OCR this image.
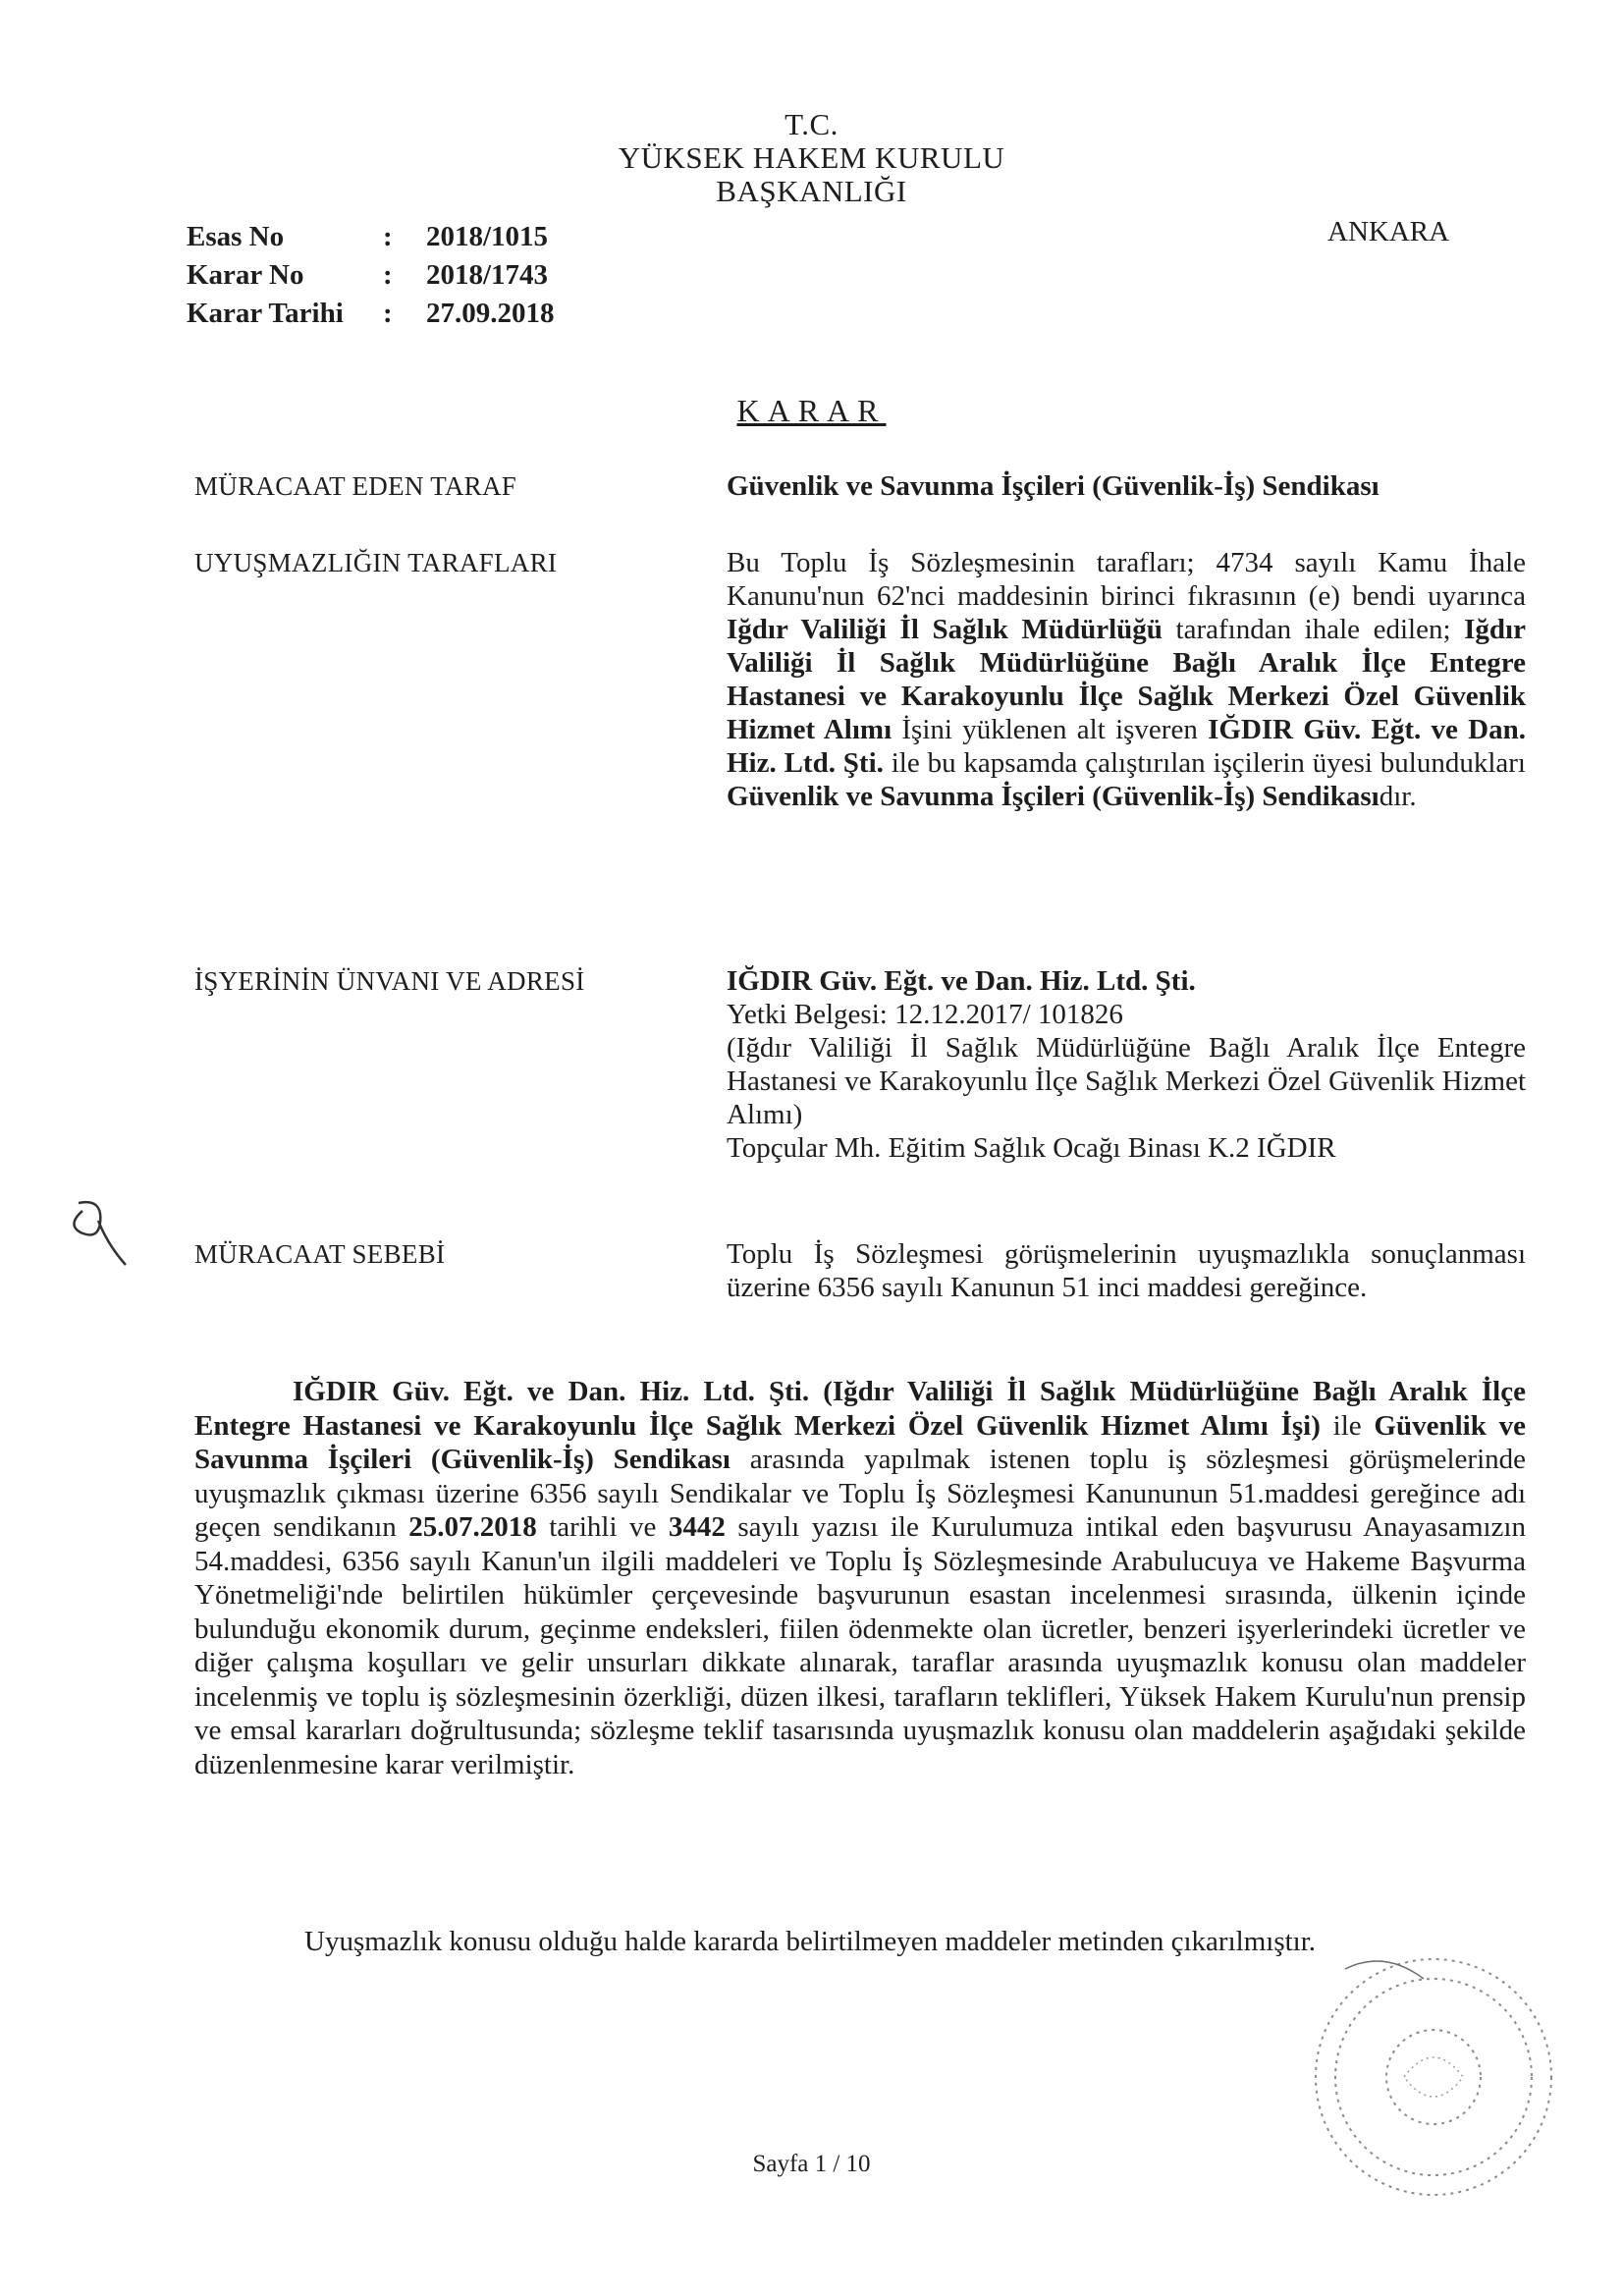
T.C.
YÜKSEK HAKEM KURULU
BAŞKANLIĞI
Esas No	:	2018/1015
Karar No	:	2018/1743
Karar Tarihi	:	27.09.2018
ANKARA
KARAR
MÜRACAAT EDEN TARAF	Güvenlik ve Savunma İşçileri (Güvenlik-İş) Sendikası
UYUŞMAZLIĞIN TARAFLARI	Bu Toplu İş Sözleşmesinin tarafları; 4734 sayılı Kamu İhale Kanunu'nun 62'nci maddesinin birinci fıkrasının (e) bendi uyarınca Iğdır Valiliği İl Sağlık Müdürlüğü tarafından ihale edilen; Iğdır Valiliği İl Sağlık Müdürlüğüne Bağlı Aralık İlçe Entegre Hastanesi ve Karakoyunlu İlçe Sağlık Merkezi Özel Güvenlik Hizmet Alımı İşini yüklenen alt işveren IĞDIR Güv. Eğt. ve Dan. Hiz. Ltd. Şti. ile bu kapsamda çalıştırılan işçilerin üyesi bulundukları Güvenlik ve Savunma İşçileri (Güvenlik-İş) Sendikasıdır.
İŞYERİNİN ÜNVANI VE ADRESİ	IĞDIR Güv. Eğt. ve Dan. Hiz. Ltd. Şti.
Yetki Belgesi: 12.12.2017/ 101826
(Iğdır Valiliği İl Sağlık Müdürlüğüne Bağlı Aralık İlçe Entegre Hastanesi ve Karakoyunlu İlçe Sağlık Merkezi Özel Güvenlik Hizmet Alımı)
Topçular Mh. Eğitim Sağlık Ocağı Binası K.2 IĞDIR
MÜRACAAT SEBEBİ	Toplu İş Sözleşmesi görüşmelerinin uyuşmazlıkla sonuçlanması üzerine 6356 sayılı Kanunun 51 inci maddesi gereğince.
IĞDIR Güv. Eğt. ve Dan. Hiz. Ltd. Şti. (Iğdır Valiliği İl Sağlık Müdürlüğüne Bağlı Aralık İlçe Entegre Hastanesi ve Karakoyunlu İlçe Sağlık Merkezi Özel Güvenlik Hizmet Alımı İşi) ile Güvenlik ve Savunma İşçileri (Güvenlik-İş) Sendikası arasında yapılmak istenen toplu iş sözleşmesi görüşmelerinde uyuşmazlık çıkması üzerine 6356 sayılı Sendikalar ve Toplu İş Sözleşmesi Kanununun 51.maddesi gereğince adı geçen sendikanın 25.07.2018 tarihli ve 3442 sayılı yazısı ile Kurulumuza intikal eden başvurusu Anayasamızın 54.maddesi, 6356 sayılı Kanun'un ilgili maddeleri ve Toplu İş Sözleşmesinde Arabulucuya ve Hakeme Başvurma Yönetmeliği'nde belirtilen hükümler çerçevesinde başvurunun esastan incelenmesi sırasında, ülkenin içinde bulunduğu ekonomik durum, geçinme endeksleri, fiilen ödenmekte olan ücretler, benzeri işyerlerindeki ücretler ve diğer çalışma koşulları ve gelir unsurları dikkate alınarak, taraflar arasında uyuşmazlık konusu olan maddeler incelenmiş ve toplu iş sözleşmesinin özerkliği, düzen ilkesi, tarafların teklifleri, Yüksek Hakem Kurulu'nun prensip ve emsal kararları doğrultusunda; sözleşme teklif tasarısında uyuşmazlık konusu olan maddelerin aşağıdaki şekilde düzenlenmesine karar verilmiştir.
Uyuşmazlık konusu olduğu halde kararda belirtilmeyen maddeler metinden çıkarılmıştır.
Sayfa 1 / 10
